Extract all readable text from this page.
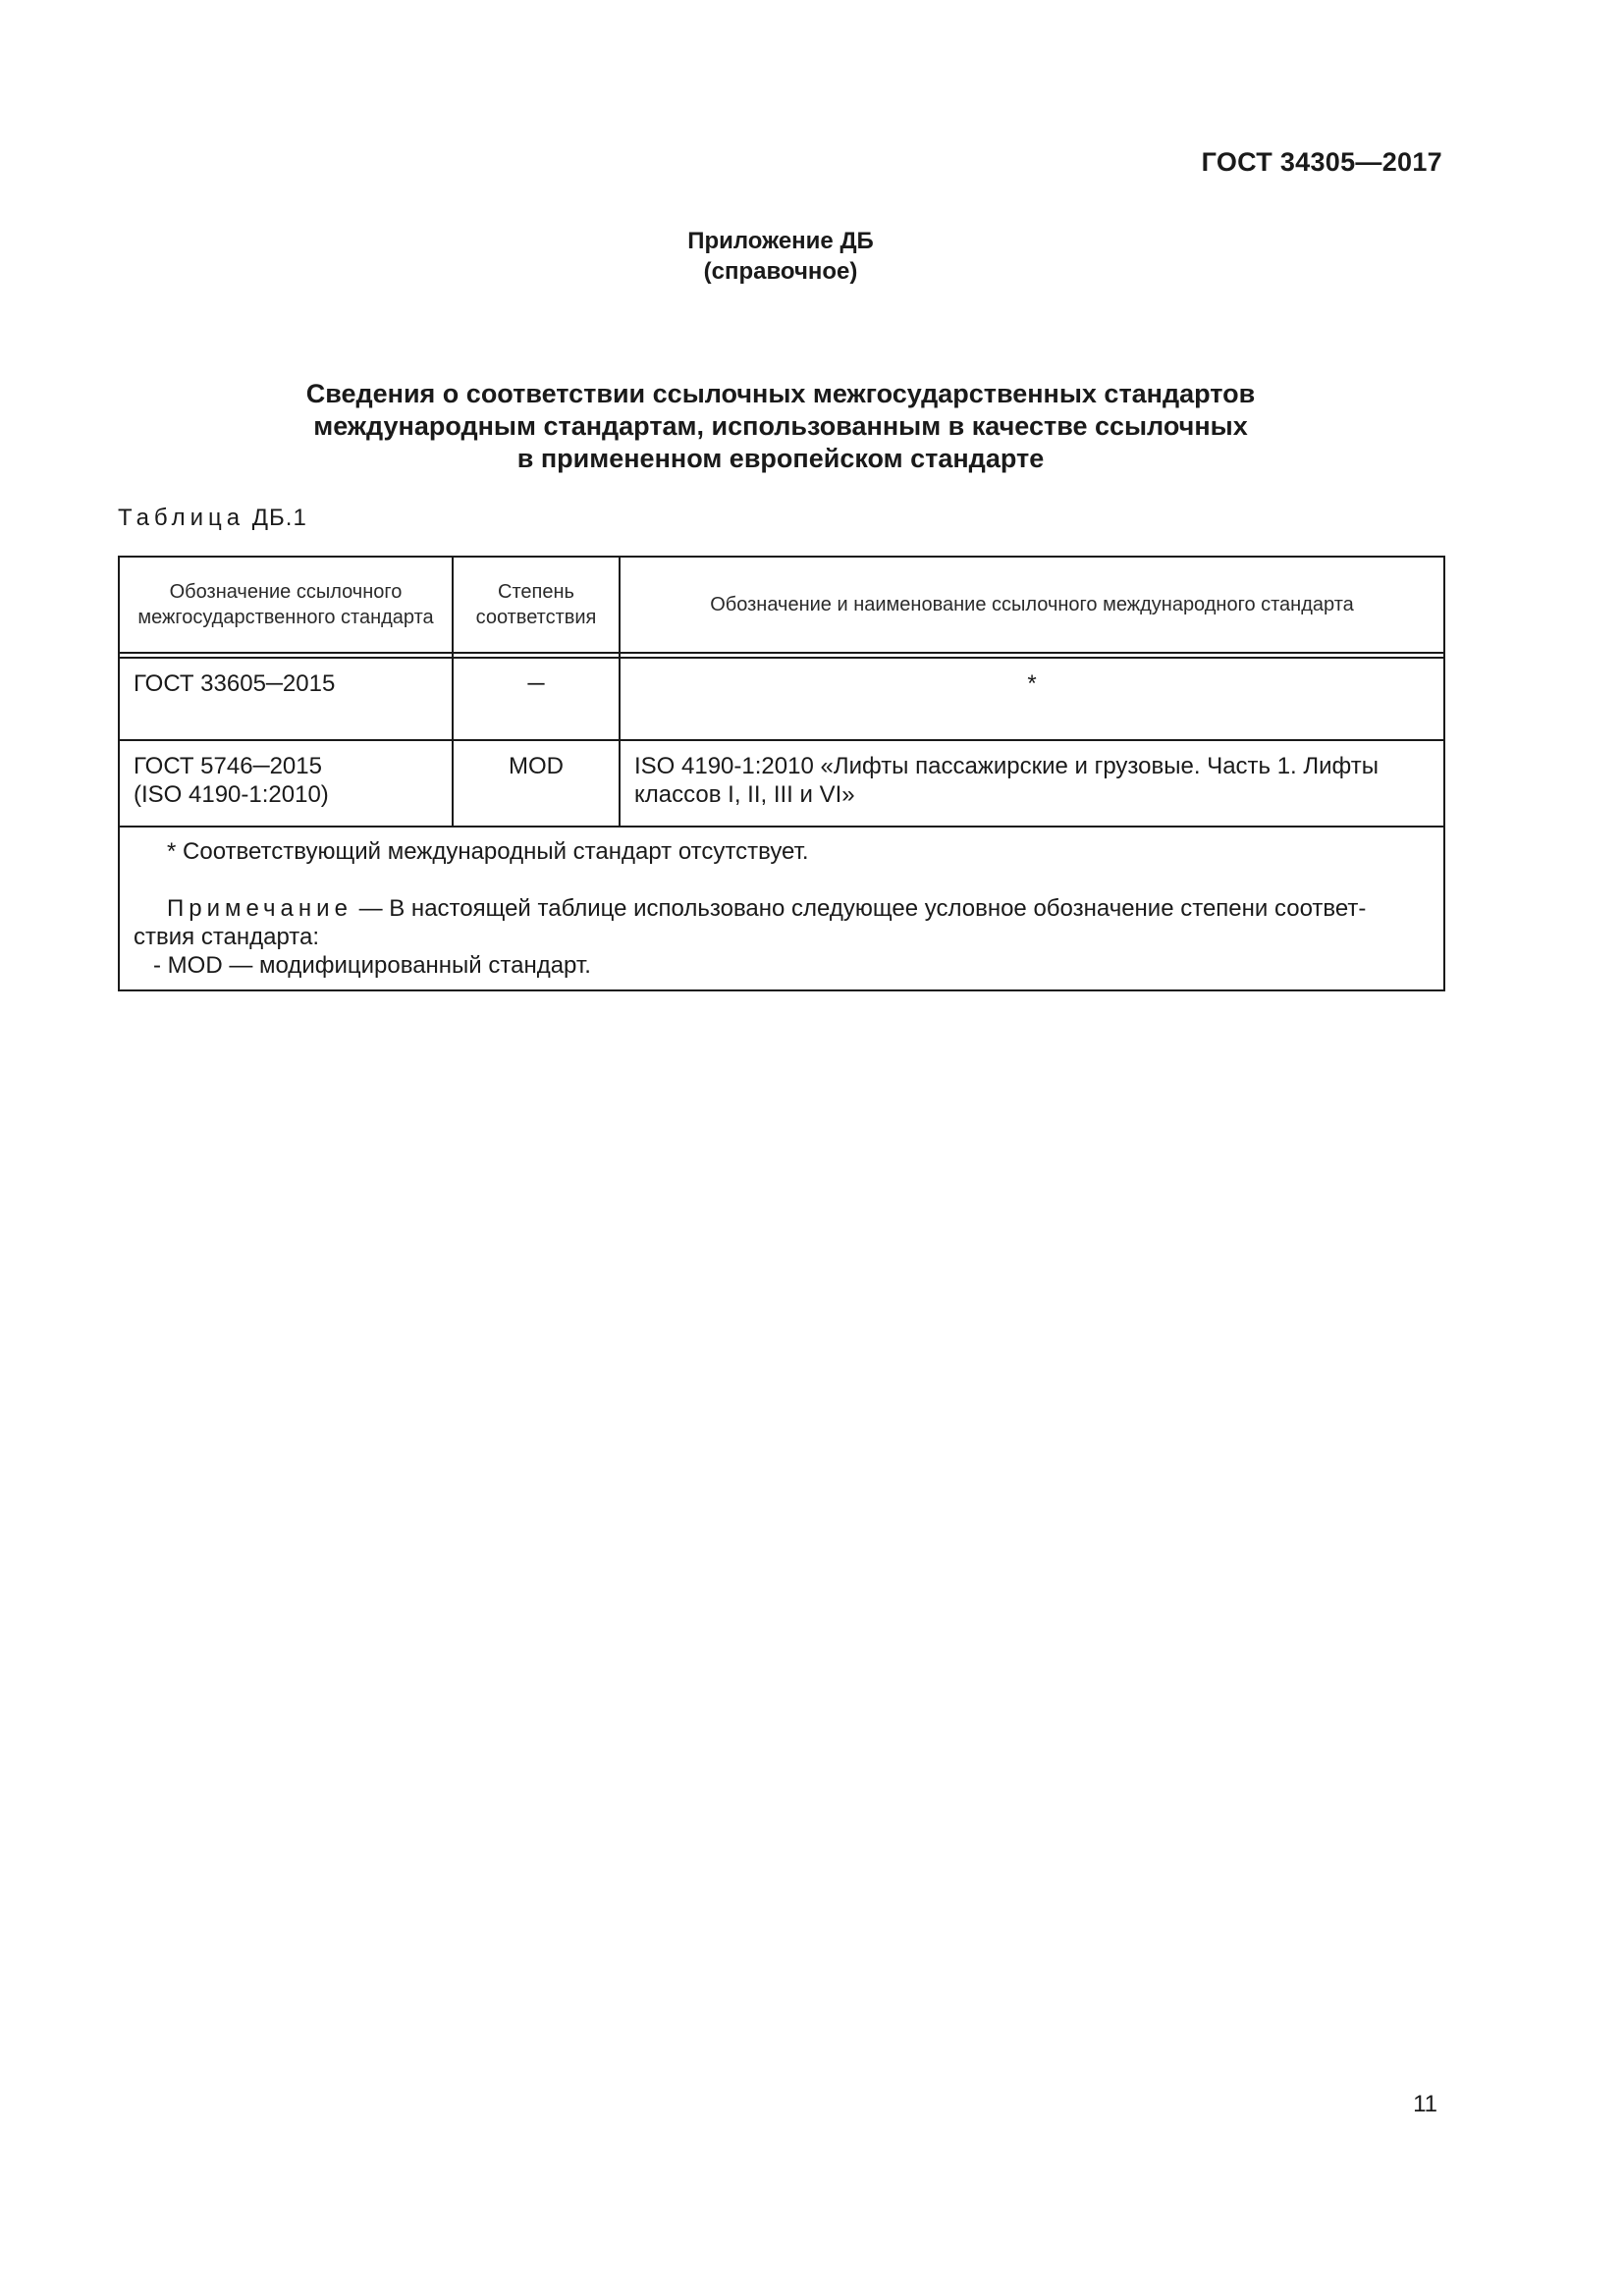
ГОСТ 34305—2017
Приложение ДБ
(справочное)
Сведения о соответствии ссылочных межгосударственных стандартов
международным стандартам, использованным в качестве ссылочных
в примененном европейском стандарте
Таблица ДБ.1
Обозначение ссылочного межгосударственного стандарта	Степень соответствия	Обозначение и наименование ссылочного международного стандарта

ГОСТ 33605─2015	─	*

ГОСТ 5746─2015
(ISO 4190-1:2010)	MOD	ISO 4190-1:2010 «Лифты пассажирские и грузовые. Часть 1. Лифты классов I, II, III и VI»

* Соответствующий международный стандарт отсутствует.
Примечание — В настоящей таблице использовано следующее условное обозначение степени соответ-
ствия стандарта:
- MOD — модифицированный стандарт.		
11
